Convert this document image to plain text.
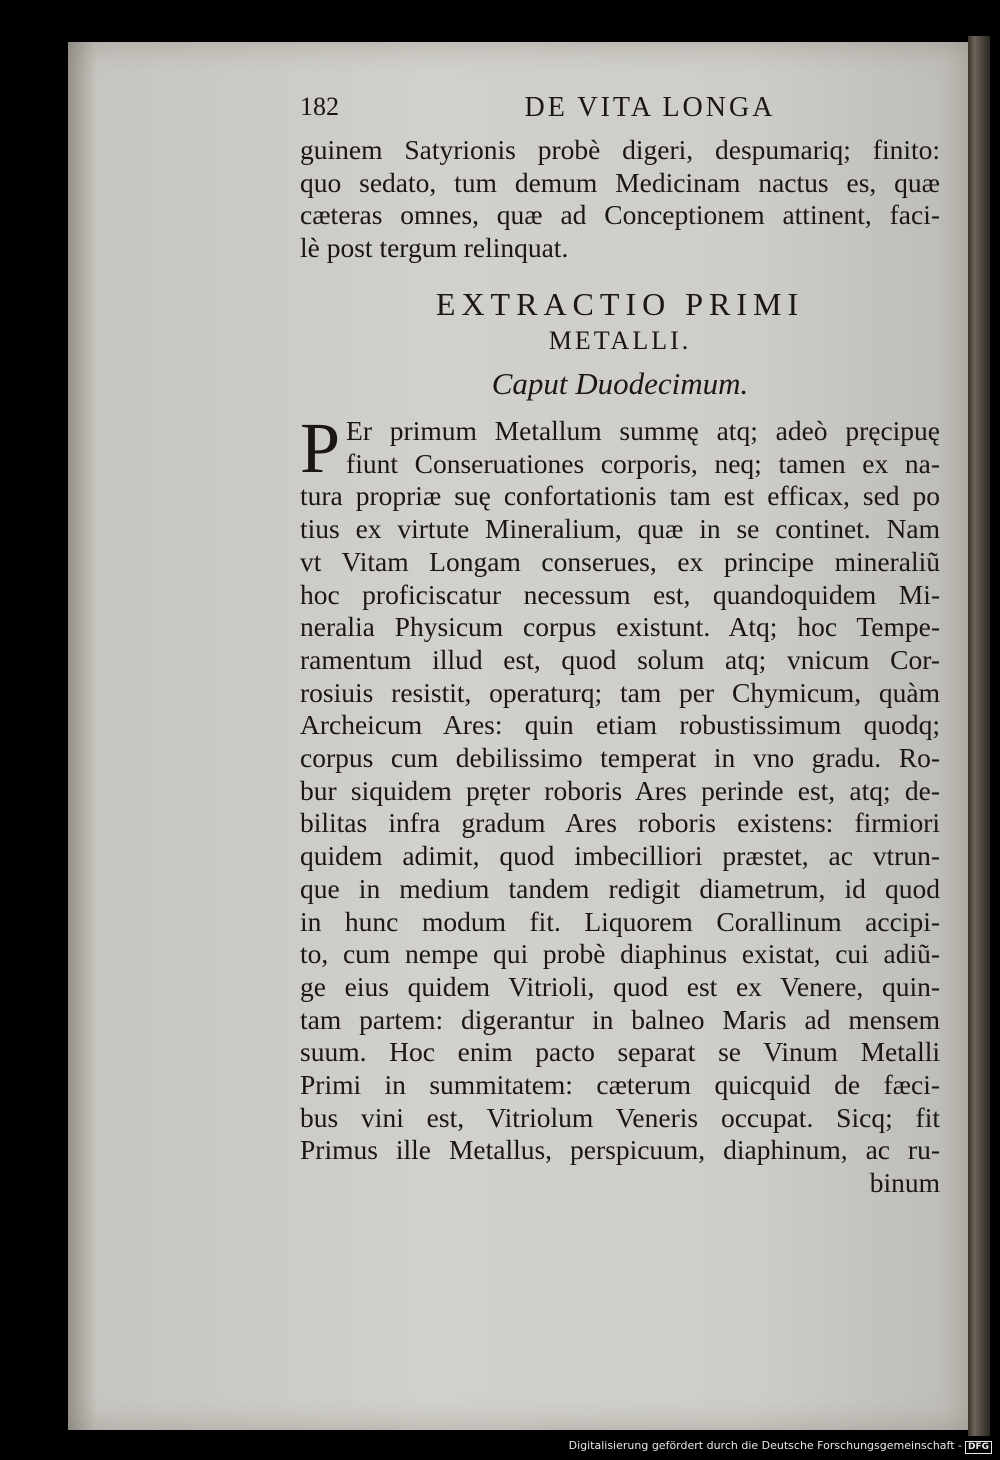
182	DE VITA LONGA
guinem Satyrionis probè digeri, despumariq; finito:
quo sedato, tum demum Medicinam nactus es, quæ
cæteras omnes, quæ ad Conceptionem attinent, faci-
lè post tergum relinquat.
EXTRACTIO PRIMI
METALLI.
Caput Duodecimum.
P Er primum Metallum summę atq; adeò pręcipuę
fiunt Conseruationes corporis, neq; tamen ex na-
tura propriæ suę confortationis tam est efficax, sed po
tius ex virtute Mineralium, quæ in se continet. Nam
vt Vitam Longam conserues, ex principe mineraliũ
hoc proficiscatur necessum est, quandoquidem Mi-
neralia Physicum corpus existunt. Atq; hoc Tempe-
ramentum illud est, quod solum atq; vnicum Cor-
rosiuis resistit, operaturq; tam per Chymicum, quàm
Archeicum Ares: quin etiam robustissimum quodq;
corpus cum debilissimo temperat in vno gradu. Ro-
bur siquidem pręter roboris Ares perinde est, atq; de-
bilitas infra gradum Ares roboris existens: firmiori
quidem adimit, quod imbecilliori præstet, ac vtrun-
que in medium tandem redigit diametrum, id quod
in hunc modum fit. Liquorem Corallinum accipi-
to, cum nempe qui probè diaphinus existat, cui adiũ-
ge eius quidem Vitrioli, quod est ex Venere, quin-
tam partem: digerantur in balneo Maris ad mensem
suum. Hoc enim pacto separat se Vinum Metalli
Primi in summitatem: cæterum quicquid de fæci-
bus vini est, Vitriolum Veneris occupat. Sicq; fit
Primus ille Metallus, perspicuum, diaphinum, ac ru-
binum
Digitalisierung gefördert durch die Deutsche Forschungsgemeinschaft - DFG
